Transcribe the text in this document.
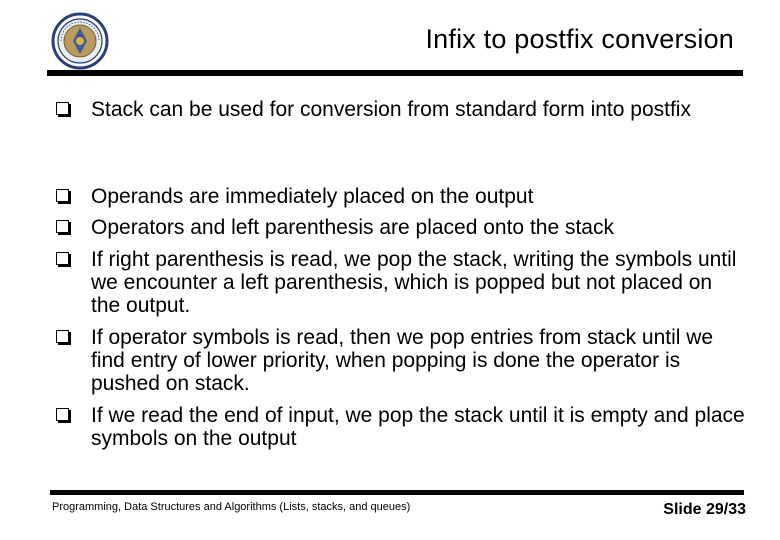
Infix to postfix conversion
Stack can be used for conversion from standard form into postfix
Operands are immediately placed on the output
Operators and left parenthesis are placed onto the stack
If right parenthesis is read, we pop the stack, writing the symbols until we encounter a left parenthesis, which is popped but not placed on the output.
If operator symbols is read, then we pop entries from stack until we find entry of lower priority, when popping is done the operator is pushed on stack.
If we read the end of input, we pop the stack until it is empty and place symbols on the output
Programming, Data Structures and Algorithms (Lists, stacks, and queues)	Slide 29/33
